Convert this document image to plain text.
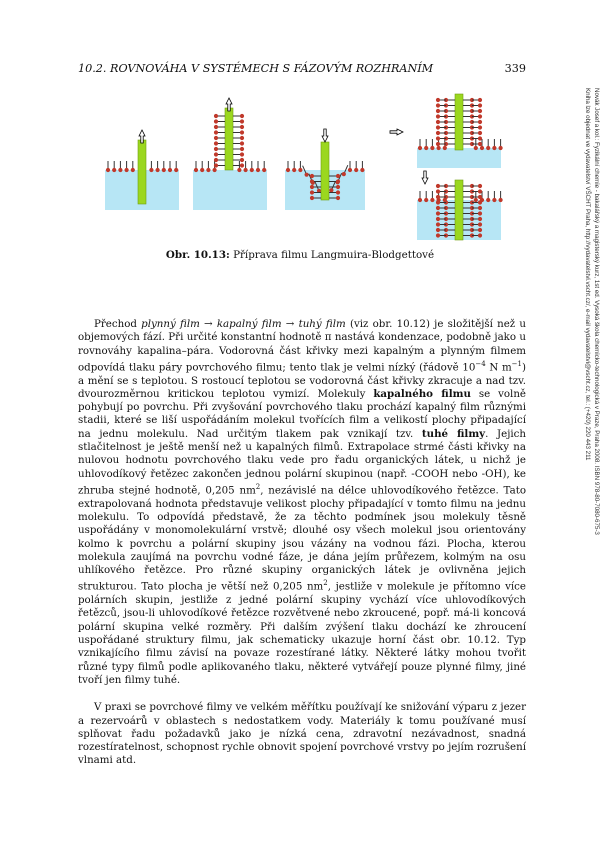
10.2. ROVNOVÁHA V SYSTÉMECH S FÁZOVÝM ROZHRANÍM	339
Novák Josef a kol.: Fyzikální chemie - bakalářský a magisterský kurz, 1st ed. Vysoká škola chemicko-technologická v Praze, Praha 2008. ISBN 978-80-7080-675-3
Kniha lze objednat ve vydavatelství VŠCHT Praha, http://vydavatelstvi.vscht.cz/, e-mail vydavatelstvi@vscht.cz, tel.: (+420) 220 443 211
Obr. 10.13: Příprava filmu Langmuira-Blodgettové

Přechod plynný film → kapalný film → tuhý film (viz obr. 10.12) je složitější než u objemových fází. Při určité konstantní hodnotě π nastává kondenzace, podobně jako u rovnováhy kapalina–pára. Vodorovná část křivky mezi kapalným a plynným filmem odpovídá tlaku páry povrchového filmu; tento tlak je velmi nízký (řádově $10^{-4}$ N $m^{-1}$) a mění se s teplotou. S rostoucí teplotou se vodorovná část křivky zkracuje a nad tzv. dvourozměrnou kritickou teplotou vymizí. Molekuly kapalného filmu se volně pohybují po povrchu. Při zvyšování povrchového tlaku prochází kapalný film různými stadii, které se liší uspořádáním molekul tvořících film a velikostí plochy připadající na jednu molekulu. Nad určitým tlakem pak vznikají tzv. tuhé filmy. Jejich stlačitelnost je ještě menší než u kapalných filmů. Extrapolace strmé části křivky na nulovou hodnotu povrchového tlaku vede pro řadu organických látek, u nichž je uhlovodíkový řetězec zakončen jednou polární skupinou (např. -COOH nebo -OH), ke zhruba stejné hodnotě, 0,205 $nm^2$, nezávislé na délce uhlovodíkového řetězce. Tato extrapolovaná hodnota představuje velikost plochy připadající v tomto filmu na jednu molekulu. To odpovídá představě, že za těchto podmínek jsou molekuly těsně uspořádány v monomolekulární vrstvě; dlouhé osy všech molekul jsou orientovány kolmo k povrchu a polární skupiny jsou vázány na vodnou fázi. Plocha, kterou molekula zaujímá na povrchu vodné fáze, je dána jejím průřezem, kolmým na osu uhlíkového řetězce. Pro různé skupiny organických látek je ovlivněna jejich strukturou. Tato plocha je větší než 0,205 $nm^2$, jestliže v molekule je přítomno více polárních skupin, jestliže z jedné polární skupiny vychází více uhlovodíkových řetězců, jsou-li uhlovodíkové řetězce rozvětvené nebo zkroucené, popř. má-li koncová polární skupina velké rozměry. Při dalším zvýšení tlaku dochází ke zhroucení uspořádané struktury filmu, jak schematicky ukazuje horní část obr. 10.12. Typ vznikajícího filmu závisí na povaze rozestírané látky. Některé látky mohou tvořit různé typy filmů podle aplikovaného tlaku, některé vytvářejí pouze plynné filmy, jiné tvoří jen filmy tuhé.

V praxi se povrchové filmy ve velkém měřítku používají ke snižování výparu z jezer a rezervoárů v oblastech s nedostatkem vody. Materiály k tomu používané musí splňovat řadu požadavků jako je nízká cena, zdravotní nezávadnost, snadná rozestíratelnost, schopnost rychle obnovit spojení povrchové vrstvy po jejím rozrušení vlnami atd.
